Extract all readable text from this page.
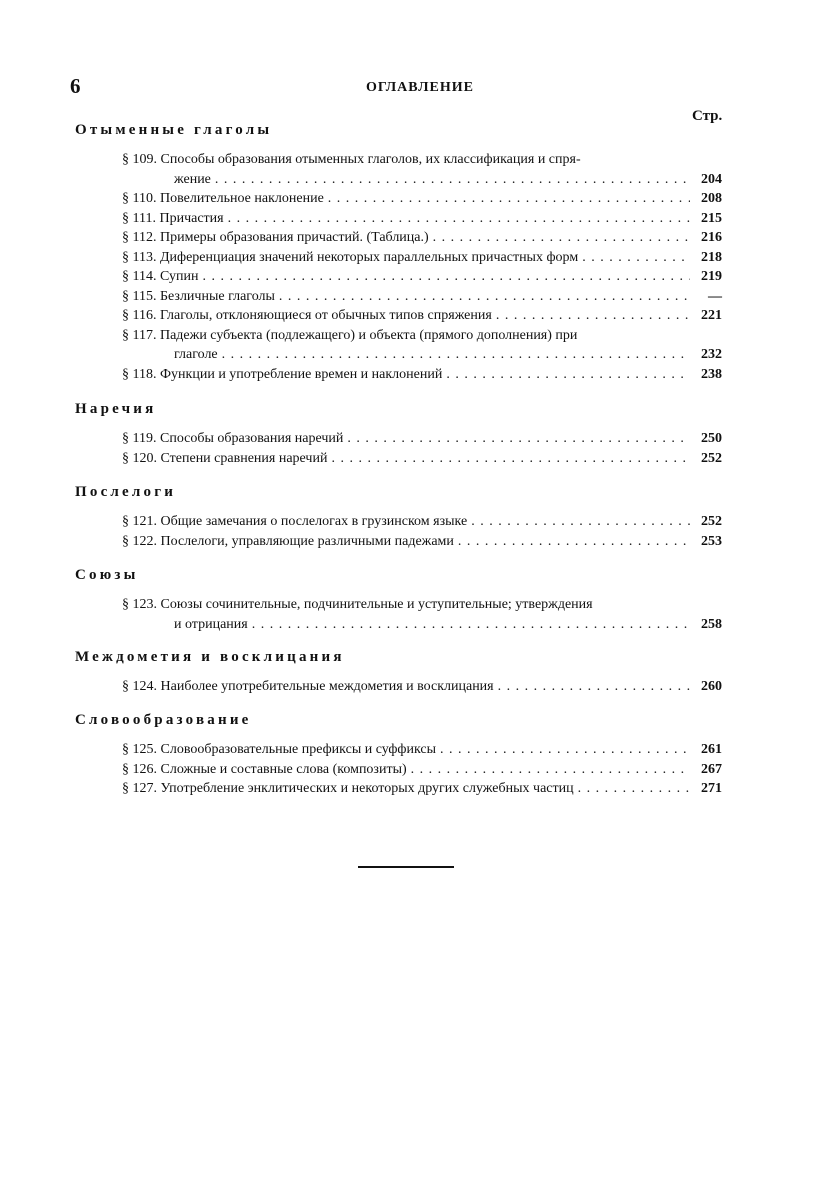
6	ОГЛАВЛЕНИЕ
Стр.
Отыменные глаголы
§ 109. Способы образования отыменных глаголов, их классификация и спря-
жение . . .	204
§ 110. Повелительное наклонение . . .	208
§ 111. Причастия . . .	215
§ 112. Примеры образования причастий. (Таблица.) . . .	216
§ 113. Диференциация значений некоторых параллельных причастных форм . . .	218
§ 114. Супин . . .	219
§ 115. Безличные глаголы . . .	—
§ 116. Глаголы, отклоняющиеся от обычных типов спряжения . . .	221
§ 117. Падежи субъекта (подлежащего) и объекта (прямого дополнения) при
глаголе . . .	232
§ 118. Функции и употребление времен и наклонений . . .	238
Наречия
§ 119. Способы образования наречий . . .	250
§ 120. Степени сравнения наречий . . .	252
Послелоги
§ 121. Общие замечания о послелогах в грузинском языке . . .	252
§ 122. Послелоги, управляющие различными падежами . . .	253
Союзы
§ 123. Союзы сочинительные, подчинительные и уступительные; утверждения
и отрицания . . .	258
Междометия и восклицания
§ 124. Наиболее употребительные междометия и восклицания . . .	260
Словообразование
§ 125. Словообразовательные префиксы и суффиксы . . .	261
§ 126. Сложные и составные слова (композиты) . . .	267
§ 127. Употребление энклитических и некоторых других служебных частиц . . .	271
